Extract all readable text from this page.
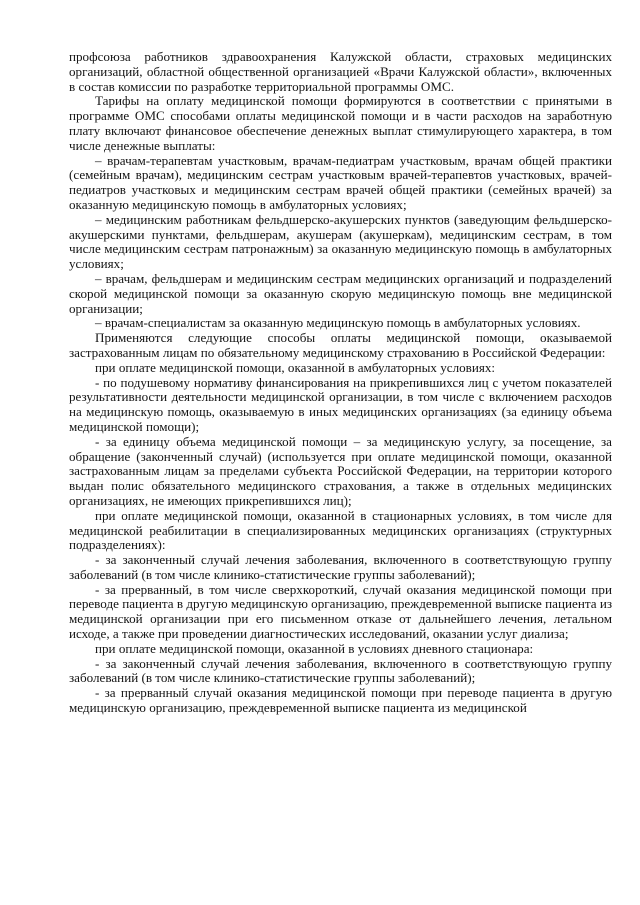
профсоюза работников здравоохранения Калужской области, страховых медицинских организаций, областной общественной организацией «Врачи Калужской области», включенных в состав комиссии по разработке территориальной программы ОМС.

Тарифы на оплату медицинской помощи формируются в соответствии с принятыми в программе ОМС способами оплаты медицинской помощи и в части расходов на заработную плату включают финансовое обеспечение денежных выплат стимулирующего характера, в том числе денежные выплаты:

– врачам-терапевтам участковым, врачам-педиатрам участковым, врачам общей практики (семейным врачам), медицинским сестрам участковым врачей-терапевтов участковых, врачей-педиатров участковых и медицинским сестрам врачей общей практики (семейных врачей) за оказанную медицинскую помощь в амбулаторных условиях;

– медицинским работникам фельдшерско-акушерских пунктов (заведующим фельдшерско-акушерскими пунктами, фельдшерам, акушерам (акушеркам), медицинским сестрам, в том числе медицинским сестрам патронажным) за оказанную медицинскую помощь в амбулаторных условиях;

– врачам, фельдшерам и медицинским сестрам медицинских организаций и подразделений скорой медицинской помощи за оказанную скорую медицинскую помощь вне медицинской организации;

– врачам-специалистам за оказанную медицинскую помощь в амбулаторных условиях.

Применяются следующие способы оплаты медицинской помощи, оказываемой застрахованным лицам по обязательному медицинскому страхованию в Российской Федерации:

при оплате медицинской помощи, оказанной в амбулаторных условиях:

- по подушевому нормативу финансирования на прикрепившихся лиц с учетом показателей результативности деятельности медицинской организации, в том числе с включением расходов на медицинскую помощь, оказываемую в иных медицинских организациях (за единицу объема медицинской помощи);

- за единицу объема медицинской помощи – за медицинскую услугу, за посещение, за обращение (законченный случай) (используется при оплате медицинской помощи, оказанной застрахованным лицам за пределами субъекта Российской Федерации, на территории которого выдан полис обязательного медицинского страхования, а также в отдельных медицинских организациях, не имеющих прикрепившихся лиц);

при оплате медицинской помощи, оказанной в стационарных условиях, в том числе для медицинской реабилитации в специализированных медицинских организациях (структурных подразделениях):

- за законченный случай лечения заболевания, включенного в соответствующую группу заболеваний (в том числе клинико-статистические группы заболеваний);

- за прерванный, в том числе сверхкороткий, случай оказания медицинской помощи при переводе пациента в другую медицинскую организацию, преждевременной выписке пациента из медицинской организации при его письменном отказе от дальнейшего лечения, летальном исходе, а также при проведении диагностических исследований, оказании услуг диализа;

при оплате медицинской помощи, оказанной в условиях дневного стационара:

- за законченный случай лечения заболевания, включенного в соответствующую группу заболеваний (в том числе клинико-статистические группы заболеваний);

- за прерванный случай оказания медицинской помощи при переводе пациента в другую медицинскую организацию, преждевременной выписке пациента из медицинской
